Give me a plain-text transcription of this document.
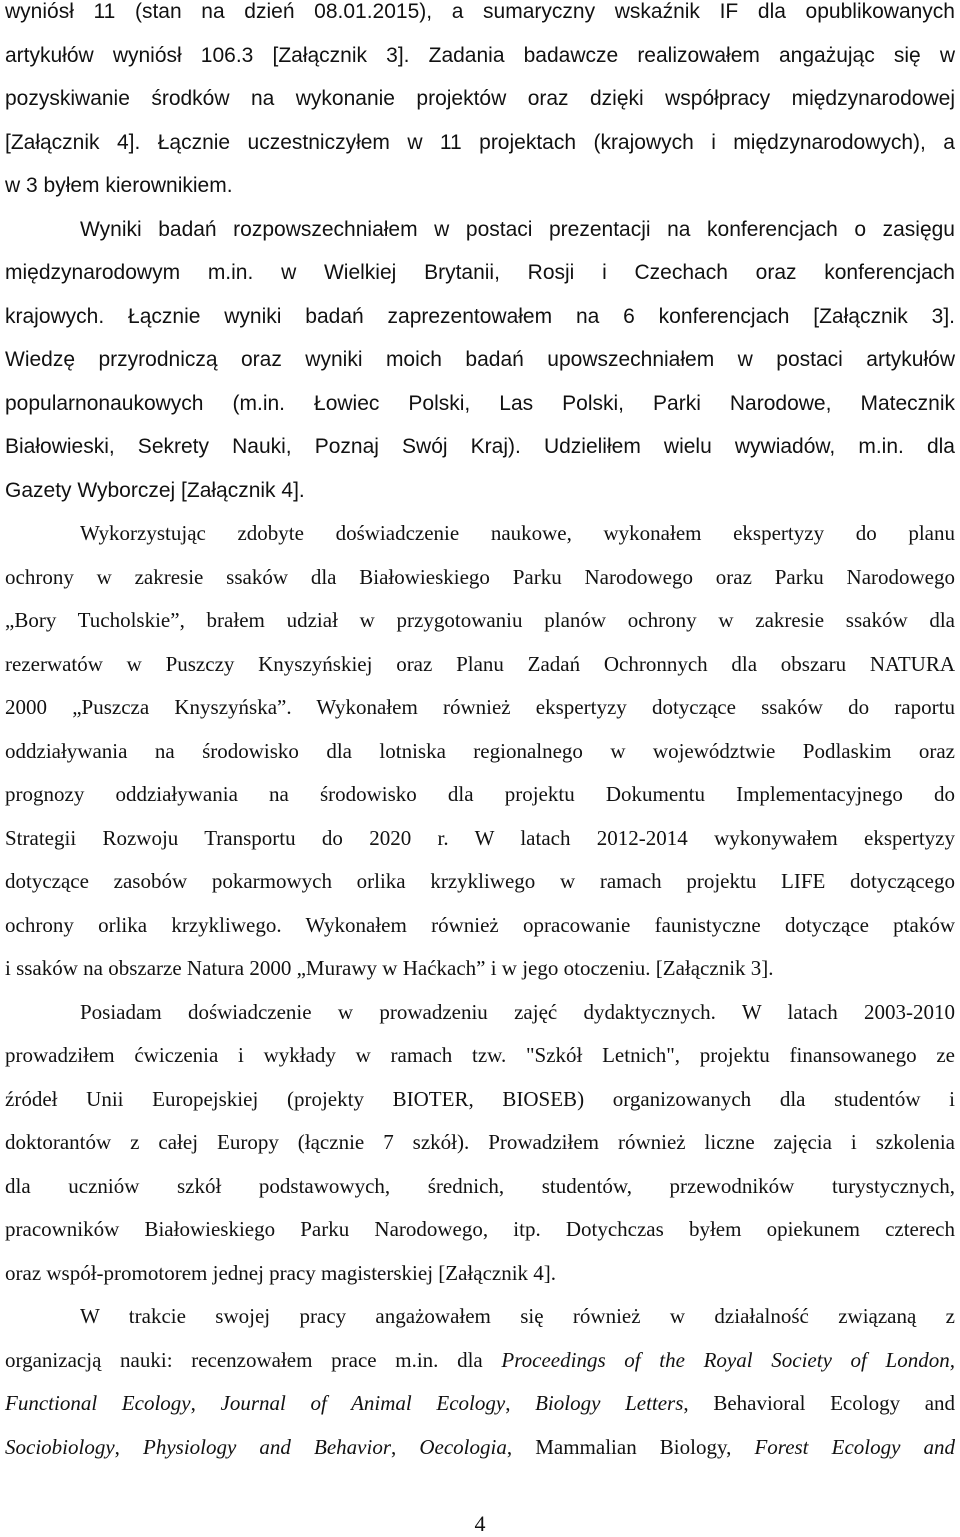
wyniósł 11 (stan na dzień 08.01.2015), a sumaryczny wskaźnik IF dla opublikowanych
artykułów wyniósł 106.3 [Załącznik 3]. Zadania badawcze realizowałem angażując się w
pozyskiwanie środków na wykonanie projektów oraz dzięki współpracy międzynarodowej
[Załącznik 4]. Łącznie uczestniczyłem w 11 projektach (krajowych i międzynarodowych), a
w 3 byłem kierownikiem.
Wyniki badań rozpowszechniałem w postaci prezentacji na konferencjach o zasięgu
międzynarodowym m.in. w Wielkiej Brytanii, Rosji i Czechach oraz konferencjach
krajowych. Łącznie wyniki badań zaprezentowałem na 6 konferencjach [Załącznik 3].
Wiedzę przyrodniczą oraz wyniki moich badań upowszechniałem w postaci artykułów
popularnonaukowych (m.in. Łowiec Polski, Las Polski, Parki Narodowe, Matecznik
Białowieski, Sekrety Nauki, Poznaj Swój Kraj). Udzieliłem wielu wywiadów, m.in. dla
Gazety Wyborczej [Załącznik 4].
Wykorzystując zdobyte doświadczenie naukowe, wykonałem ekspertyzy do planu
ochrony w zakresie ssaków dla Białowieskiego Parku Narodowego oraz Parku Narodowego
„Bory Tucholskie”, brałem udział w przygotowaniu planów ochrony w zakresie ssaków dla
rezerwatów w Puszczy Knyszyńskiej oraz Planu Zadań Ochronnych dla obszaru NATURA
2000 „Puszcza Knyszyńska”. Wykonałem również ekspertyzy dotyczące ssaków do raportu
oddziaływania na środowisko dla lotniska regionalnego w województwie Podlaskim oraz
prognozy oddziaływania na środowisko dla projektu Dokumentu Implementacyjnego do
Strategii Rozwoju Transportu do 2020 r. W latach 2012-2014 wykonywałem ekspertyzy
dotyczące zasobów pokarmowych orlika krzykliwego w ramach projektu LIFE dotyczącego
ochrony orlika krzykliwego. Wykonałem również opracowanie faunistyczne dotyczące ptaków
i ssaków na obszarze Natura 2000 „Murawy w Haćkach” i w jego otoczeniu. [Załącznik 3].
Posiadam doświadczenie w prowadzeniu zajęć dydaktycznych. W latach 2003-2010
prowadziłem ćwiczenia i wykłady w ramach tzw. "Szkół Letnich", projektu finansowanego ze
źródeł Unii Europejskiej (projekty BIOTER, BIOSEB) organizowanych dla studentów i
doktorantów z całej Europy (łącznie 7 szkół). Prowadziłem również liczne zajęcia i szkolenia
dla uczniów szkół podstawowych, średnich, studentów, przewodników turystycznych,
pracowników Białowieskiego Parku Narodowego, itp. Dotychczas byłem opiekunem czterech
oraz współ-promotorem jednej pracy magisterskiej [Załącznik 4].
W trakcie swojej pracy angażowałem się również w działalność związaną z
organizacją nauki: recenzowałem prace m.in. dla Proceedings of the Royal Society of London,
Functional Ecology, Journal of Animal Ecology, Biology Letters, Behavioral Ecology and
Sociobiology, Physiology and Behavior, Oecologia, Mammalian Biology, Forest Ecology and
4
